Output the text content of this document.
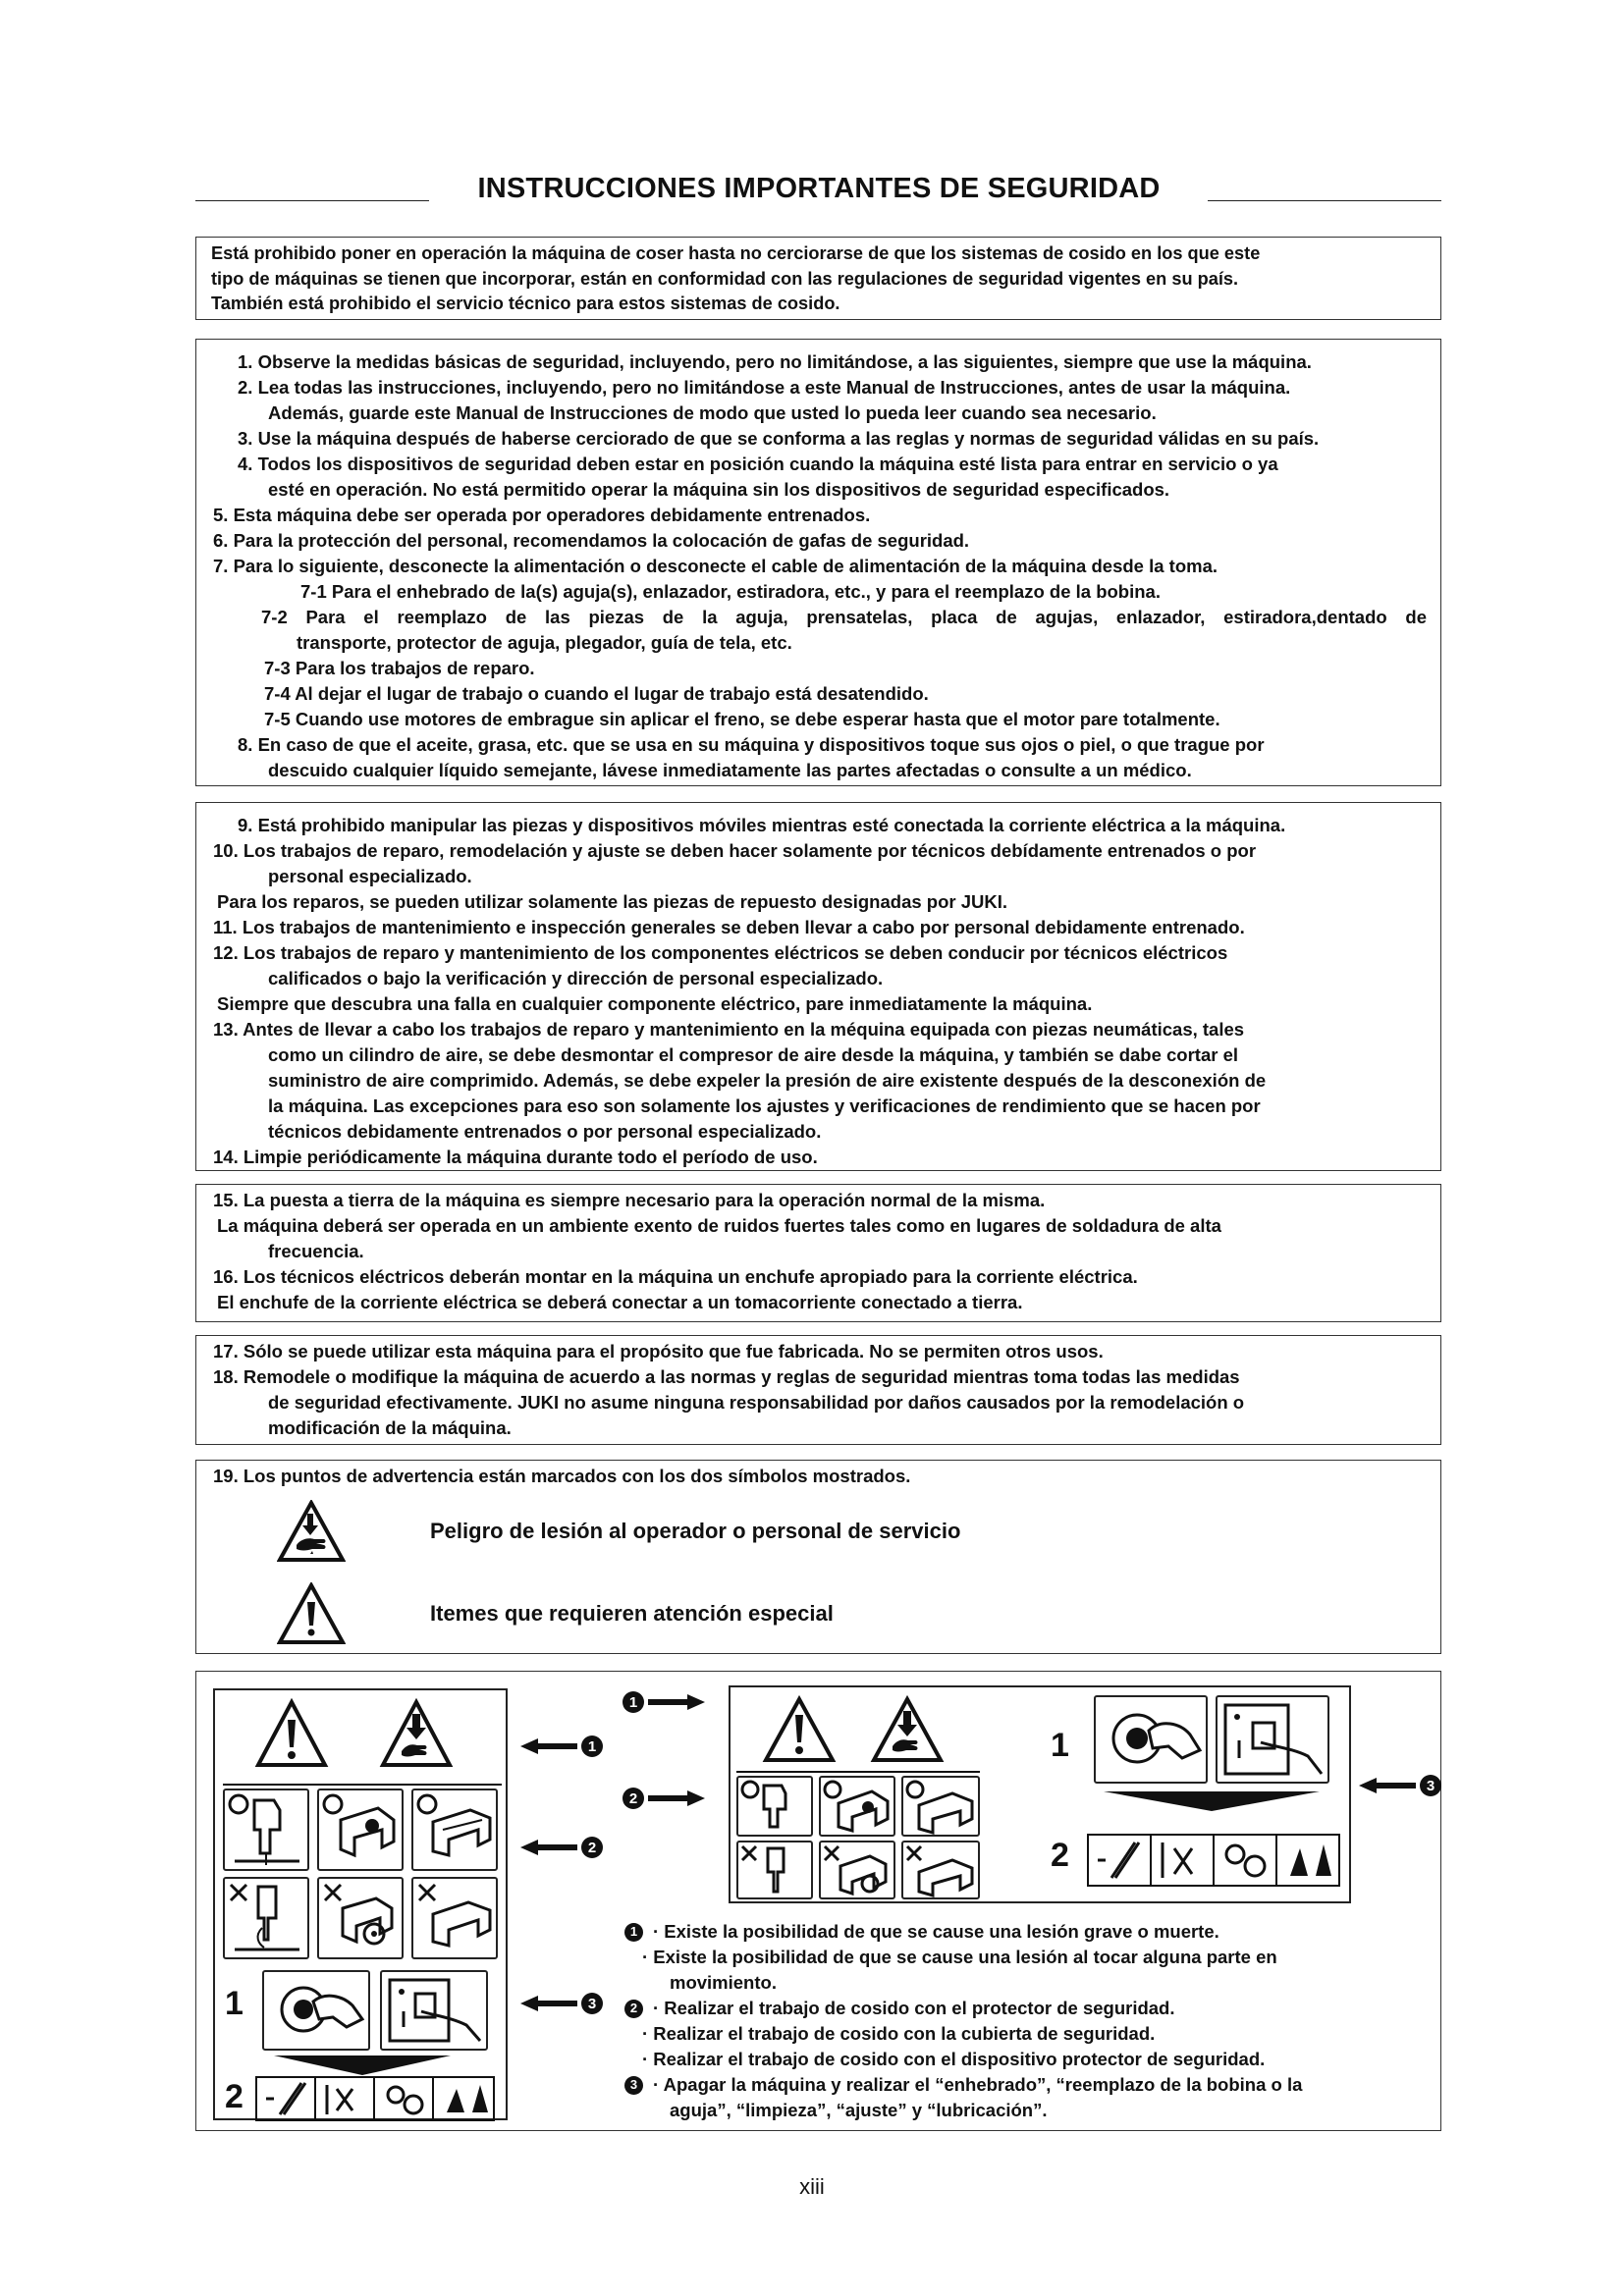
INSTRUCCIONES IMPORTANTES DE SEGURIDAD

Está prohibido poner en operación la máquina de coser hasta no cerciorarse de que los sistemas de cosido en los que este

tipo de máquinas se tienen que incorporar, están en conformidad con las regulaciones de seguridad vigentes en su país.

También está prohibido el servicio técnico para estos sistemas de cosido.

1. Observe la medidas básicas de seguridad, incluyendo, pero no limitándose, a las siguientes, siempre que use la máquina.

2. Lea todas las instrucciones, incluyendo, pero no limitándose a este Manual de Instrucciones, antes de usar la máquina.

Además, guarde este Manual de Instrucciones de modo que usted lo pueda leer cuando sea necesario.

3. Use la máquina después de haberse cerciorado de que se conforma a las reglas y normas de seguridad válidas en su país.

4. Todos los dispositivos de seguridad deben estar en posición cuando la máquina esté lista para entrar en servicio o ya

esté en operación. No está permitido operar la máquina sin los dispositivos de seguridad especificados.

5. Esta máquina debe ser operada por operadores debidamente entrenados.

6. Para la protección del personal, recomendamos la colocación de gafas de seguridad.

7. Para lo siguiente, desconecte la alimentación o desconecte el cable de alimentación de la máquina desde la toma.

7-1 Para el enhebrado de la(s) aguja(s), enlazador, estiradora, etc., y para el reemplazo de la bobina.

7-2 Para el reemplazo de las piezas de la aguja, prensatelas, placa de agujas, enlazador, estiradora,dentado de

transporte, protector de aguja, plegador, guía de tela, etc.

7-3 Para los trabajos de reparo.

7-4 Al dejar el lugar de trabajo o cuando el lugar de trabajo está desatendido.

7-5 Cuando use motores de embrague sin aplicar el freno, se debe esperar hasta que el motor pare totalmente.

8. En caso de que el aceite, grasa, etc. que se usa en su máquina y dispositivos toque sus ojos o piel, o que trague por

descuido cualquier líquido semejante, lávese inmediatamente las partes afectadas o consulte a un médico.

9. Está prohibido manipular las piezas y dispositivos móviles mientras esté conectada la corriente eléctrica a la máquina.

10. Los trabajos de reparo, remodelación y ajuste se deben hacer solamente por técnicos debídamente entrenados o por

personal especializado.

Para los reparos, se pueden utilizar solamente las piezas de repuesto designadas por JUKI.

11. Los trabajos de mantenimiento e inspección generales se deben llevar a cabo por personal debidamente entrenado.

12. Los trabajos de reparo y mantenimiento de los componentes eléctricos se deben conducir por técnicos eléctricos

calificados o bajo la verificación y dirección de personal especializado.

Siempre que descubra una falla en cualquier componente eléctrico, pare inmediatamente la máquina.

13. Antes de llevar a cabo los trabajos de reparo y mantenimiento en la méquina equipada con piezas neumáticas, tales

como un cilindro de aire, se debe desmontar el compresor de aire desde la máquina, y también se dabe cortar el

suministro de aire comprimido. Además, se debe expeler la presión de aire existente después de la desconexión de

la máquina. Las excepciones para eso son solamente los ajustes y verificaciones de rendimiento que se hacen por

técnicos debidamente entrenados o por personal especializado.

14. Limpie periódicamente la máquina durante todo el período de uso.

15. La puesta a tierra de la máquina es siempre necesario para la operación normal de la misma.

La máquina deberá ser operada en un ambiente exento de ruidos fuertes tales como en lugares de soldadura de alta

frecuencia.

16. Los técnicos eléctricos deberán montar en la máquina un enchufe apropiado para la corriente eléctrica.

El enchufe de la corriente eléctrica se deberá conectar a un tomacorriente conectado a tierra.

17. Sólo se puede utilizar esta máquina para el propósito que fue fabricada. No se permiten otros usos.

18. Remodele o modifique la máquina de acuerdo a las normas y reglas de seguridad mientras toma todas las medidas

de seguridad efectivamente. JUKI no asume ninguna responsabilidad por daños causados por la remodelación o

modificación de la máquina.

19. Los puntos de advertencia están marcados con los dos símbolos mostrados.

Peligro de lesión al operador o personal de servicio
Itemes que requieren atención especial
1
2
1
2
3
1
2
3
1
2

1 · Existe la posibilidad de que se cause una lesión grave o muerte.

· Existe la posibilidad de que se cause una lesión al tocar alguna parte en

movimiento.

2 · Realizar el trabajo de cosido con el protector de seguridad.

· Realizar el trabajo de cosido con la cubierta de seguridad.

· Realizar el trabajo de cosido con el dispositivo protector de seguridad.

3 · Apagar la máquina y realizar el “enhebrado”, “reemplazo de la bobina o la

aguja”, “limpieza”, “ajuste” y “lubricación”.

xiii
